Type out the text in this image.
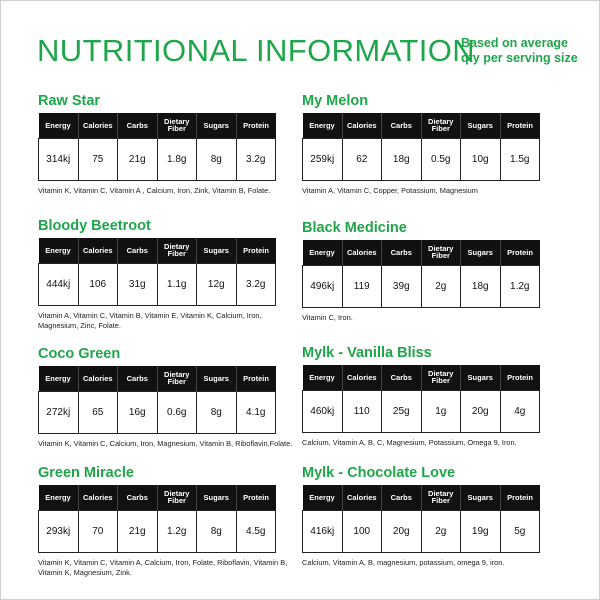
NUTRITIONAL INFORMATION
Based on average qty per serving size
Raw Star
Energy	Calories	Carbs	Dietary Fiber	Sugars	Protein
314kj	75	21g	1.8g	8g	3.2g
Vitamin K, Vitamin C, Vitamin A , Calcium, Iron, Zink, Vitamin B, Folate.
My Melon
Energy	Calories	Carbs	Dietary Fiber	Sugars	Protein
259kj	62	18g	0.5g	10g	1.5g
Vitamin A, Vitamin C, Copper, Potassium, Magnesium
Bloody Beetroot
Energy	Calories	Carbs	Dietary Fiber	Sugars	Protein
444kj	106	31g	1.1g	12g	3.2g
Vitamin A, Vitamin C, Vitamin B, Vitamin E, Vitamin K, Calcium, Iron, Magnesium, Zinc, Folate.
Black Medicine
Energy	Calories	Carbs	Dietary Fiber	Sugars	Protein
496kj	119	39g	2g	18g	1.2g
Vitamin C, Iron.
Coco Green
Energy	Calories	Carbs	Dietary Fiber	Sugars	Protein
272kj	65	16g	0.6g	8g	4.1g
Vitamin K, Vitamin C, Calcium, Iron, Magnesium, Vitamin B, Riboflavin,Folate.
Mylk - Vanilla Bliss
Energy	Calories	Carbs	Dietary Fiber	Sugars	Protein
460kj	110	25g	1g	20g	4g
Calcium, Vitamin A, B, C, Magnesium, Potassium, Omega 9, Iron.
Green Miracle
Energy	Calories	Carbs	Dietary Fiber	Sugars	Protein
293kj	70	21g	1.2g	8g	4.5g
Vitamin K, Vitamin C, Vitamin A, Calcium, Iron, Folate, Riboflavin, Vitamin B, Vitamin K, Magnesium, Zink.
Mylk - Chocolate Love
Energy	Calories	Carbs	Dietary Fiber	Sugars	Protein
416kj	100	20g	2g	19g	5g
Calcium, Vitamin A, B, magnesium, potassium, omega 9, iron.
